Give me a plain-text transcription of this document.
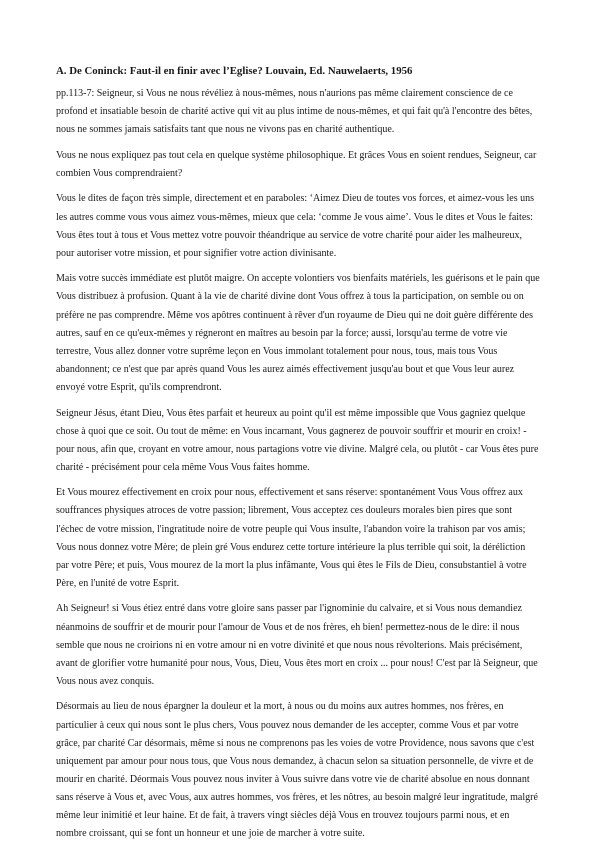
A. De Coninck: Faut-il en finir avec l’Eglise? Louvain, Ed. Nauwelaerts, 1956

pp.113-7: Seigneur, si Vous ne nous révéliez à nous-mêmes, nous n'aurions pas même clairement conscience de ce profond et insatiable besoin de charité active qui vit au plus intime de nous-mêmes, et qui fait qu'à l'encontre des bêtes, nous ne sommes jamais satisfaits tant que nous ne vivons pas en charité authentique.

Vous ne nous expliquez pas tout cela en quelque système philosophique. Et grâces Vous en soient rendues, Seigneur, car combien Vous comprendraient?

Vous le dites de façon très simple, directement et en paraboles: ‘Aimez Dieu de toutes vos forces, et aimez-vous les uns les autres comme vous vous aimez vous-mêmes, mieux que cela: ‘comme Je vous aime’. Vous le dites et Vous le faites: Vous êtes tout à tous et Vous mettez votre pouvoir théandrique au service de votre charité pour aider les malheureux, pour autoriser votre mission, et pour signifier votre action divinisante.

Mais votre succès immédiate est plutôt maigre. On accepte volontiers vos bienfaits matériels, les guérisons et le pain que Vous distribuez à profusion. Quant à la vie de charité divine dont Vous offrez à tous la participation, on semble ou on préfère ne pas comprendre. Même vos apôtres continuent à rêver d'un royaume de Dieu qui ne doit guère différente des autres, sauf en ce qu'eux-mêmes y régneront en maîtres au besoin par la force; aussi, lorsqu'au terme de votre vie terrestre, Vous allez donner votre suprême leçon en Vous immolant totalement pour nous, tous, mais tous Vous abandonnent; ce n'est que par après quand Vous les aurez aimés effectivement jusqu'au bout et que Vous leur aurez envoyé votre Esprit, qu'ils comprendront.

Seigneur Jésus, étant Dieu, Vous êtes parfait et heureux au point qu'il est même impossible que Vous gagniez quelque chose à quoi que ce soit. Ou tout de même: en Vous incarnant, Vous gagnerez de pouvoir souffrir et mourir en croix! - pour nous, afin que, croyant en votre amour, nous partagions votre vie divine. Malgré cela, ou plutôt - car Vous êtes pure charité - précisément pour cela même Vous Vous faites homme.

Et Vous mourez effectivement en croix pour nous, effectivement et sans réserve: spontanément Vous Vous offrez aux souffrances physiques atroces de votre passion; librement, Vous acceptez ces douleurs morales bien pires que sont l'échec de votre mission, l'ingratitude noire de votre peuple qui Vous insulte, l'abandon voire la trahison par vos amis; Vous nous donnez votre Mère; de plein gré Vous endurez cette torture intérieure la plus terrible qui soit, la déréliction par votre Père; et puis, Vous mourez de la mort la plus infâmante, Vous qui êtes le Fils de Dieu, consubstantiel à votre Père, en l'unité de votre Esprit.

Ah Seigneur! si Vous étiez entré dans votre gloire sans passer par l'ignominie du calvaire, et si Vous nous demandiez néanmoins de souffrir et de mourir pour l'amour de Vous et de nos frères, eh bien! permettez-nous de le dire: il nous semble que nous ne croirions ni en votre amour ni en votre divinité et que nous nous révolterions. Mais précisément, avant de glorifier votre humanité pour nous, Vous, Dieu, Vous êtes mort en croix ... pour nous! C'est par là Seigneur, que Vous nous avez conquis.

Désormais au lieu de nous épargner la douleur et la mort, à nous ou du moins aux autres hommes, nos frères, en particulier à ceux qui nous sont le plus chers, Vous pouvez nous demander de les accepter, comme Vous et par votre grâce, par charité Car désormais, même si nous ne comprenons pas les voies de votre Providence, nous savons que c'est uniquement par amour pour nous tous, que Vous nous demandez, à chacun selon sa situation personnelle, de vivre et de mourir en charité. Déormais Vous pouvez nous inviter à Vous suivre dans votre vie de charité absolue en nous donnant sans réserve à Vous et, avec Vous, aux autres hommes, vos frères, et les nôtres, au besoin malgré leur ingratitude, malgré même leur inimitié et leur haine. Et de fait, à travers vingt siècles déjà Vous en trouvez toujours parmi nous, et en nombre croissant, qui se font un honneur et une joie de marcher à votre suite.
